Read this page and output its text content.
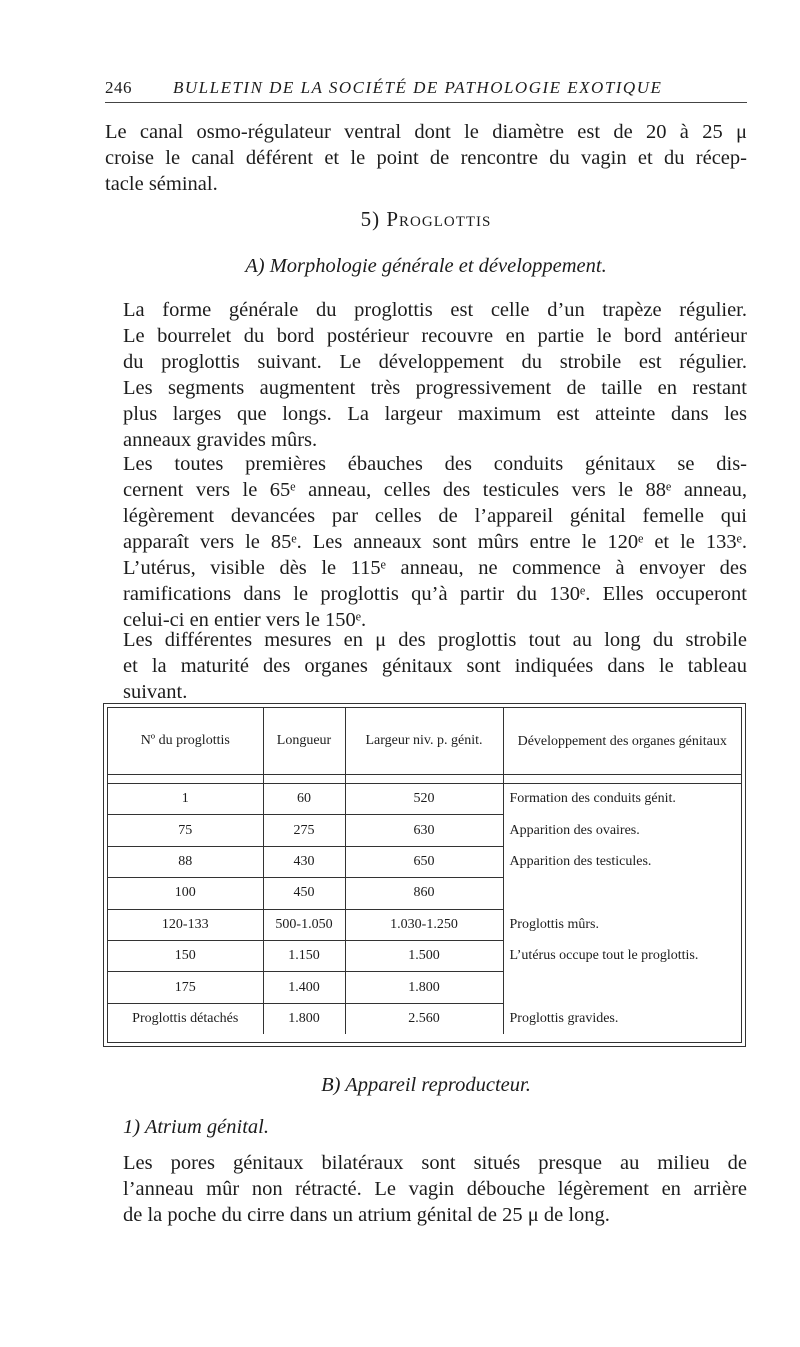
246 BULLETIN DE LA SOCIÉTÉ DE PATHOLOGIE EXOTIQUE
Le canal osmo-régulateur ventral dont le diamètre est de 20 à 25 μ
croise le canal déférent et le point de rencontre du vagin et du récep-
tacle séminal.
5) Proglottis
A) Morphologie générale et développement.
La forme générale du proglottis est celle d’un trapèze régulier.
Le bourrelet du bord postérieur recouvre en partie le bord antérieur
du proglottis suivant. Le développement du strobile est régulier.
Les segments augmentent très progressivement de taille en restant
plus larges que longs. La largeur maximum est atteinte dans les
anneaux gravides mûrs.
Les toutes premières ébauches des conduits génitaux se dis-
cernent vers le 65ᵉ anneau, celles des testicules vers le 88ᵉ anneau,
légèrement devancées par celles de l’appareil génital femelle qui
apparaît vers le 85ᵉ. Les anneaux sont mûrs entre le 120ᵉ et le 133ᵉ.
L’utérus, visible dès le 115ᵉ anneau, ne commence à envoyer des
ramifications dans le proglottis qu’à partir du 130ᵉ. Elles occuperont
celui-ci en entier vers le 150ᵉ.
Les différentes mesures en μ des proglottis tout au long du strobile
et la maturité des organes génitaux sont indiquées dans le tableau
suivant.
Nº du proglottis	Longueur	Largeur niv. p. génit.	Développement des organes génitaux

1	60	520	Formation des conduits génit.
75	275	630	Apparition des ovaires.
88	430	650	Apparition des testicules.
100	450	860	
120-133	500-1.050	1.030-1.250	Proglottis mûrs.
150	1.150	1.500	L’utérus occupe tout le proglottis.
175	1.400	1.800	
Proglottis détachés	1.800	2.560	Proglottis gravides.
B) Appareil reproducteur.
1) Atrium génital.
Les pores génitaux bilatéraux sont situés presque au milieu de
l’anneau mûr non rétracté. Le vagin débouche légèrement en arrière
de la poche du cirre dans un atrium génital de 25 μ de long.
